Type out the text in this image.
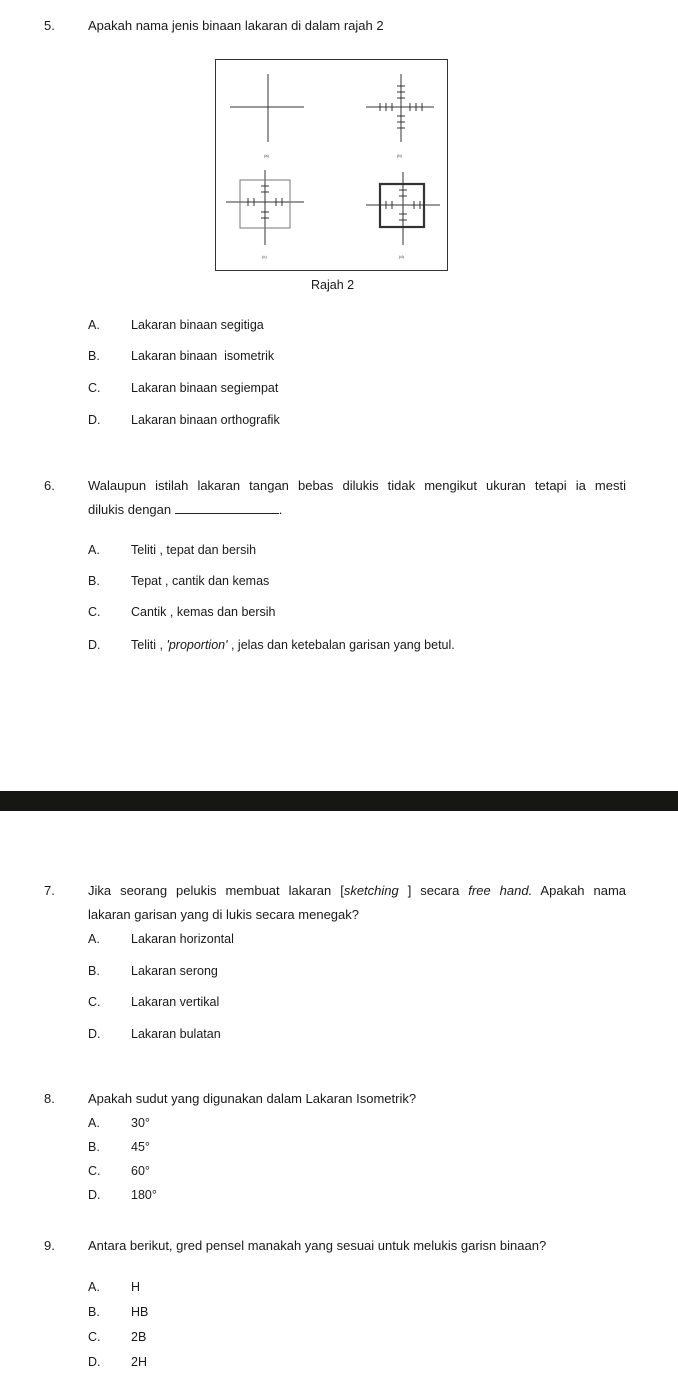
5.	Apakah nama jenis binaan lakaran di dalam rajah 2
(a)	(b)
(c)	(d)
Rajah 2
A. Lakaran binaan segitiga
B. Lakaran binaan  isometrik
C. Lakaran binaan segiempat
D. Lakaran binaan orthografik
6.	Walaupun istilah lakaran tangan bebas dilukis tidak mengikut ukuran tetapi ia mesti
dilukis dengan	.
A. Teliti , tepat dan bersih
B. Tepat , cantik dan kemas
C. Cantik , kemas dan bersih
D. Teliti , 'proportion' , jelas dan ketebalan garisan yang betul.
7.	Jika seorang pelukis membuat lakaran [sketching ] secara free hand. Apakah nama
lakaran garisan yang di lukis secara menegak?
A. Lakaran horizontal
B. Lakaran serong
C. Lakaran vertikal
D. Lakaran bulatan
8.	Apakah sudut yang digunakan dalam Lakaran Isometrik?
A. 30°
B. 45°
C. 60°
D. 180°
9.	Antara berikut, gred pensel manakah yang sesuai untuk melukis garisn binaan?
A. H
B. HB
C. 2B
D. 2H
